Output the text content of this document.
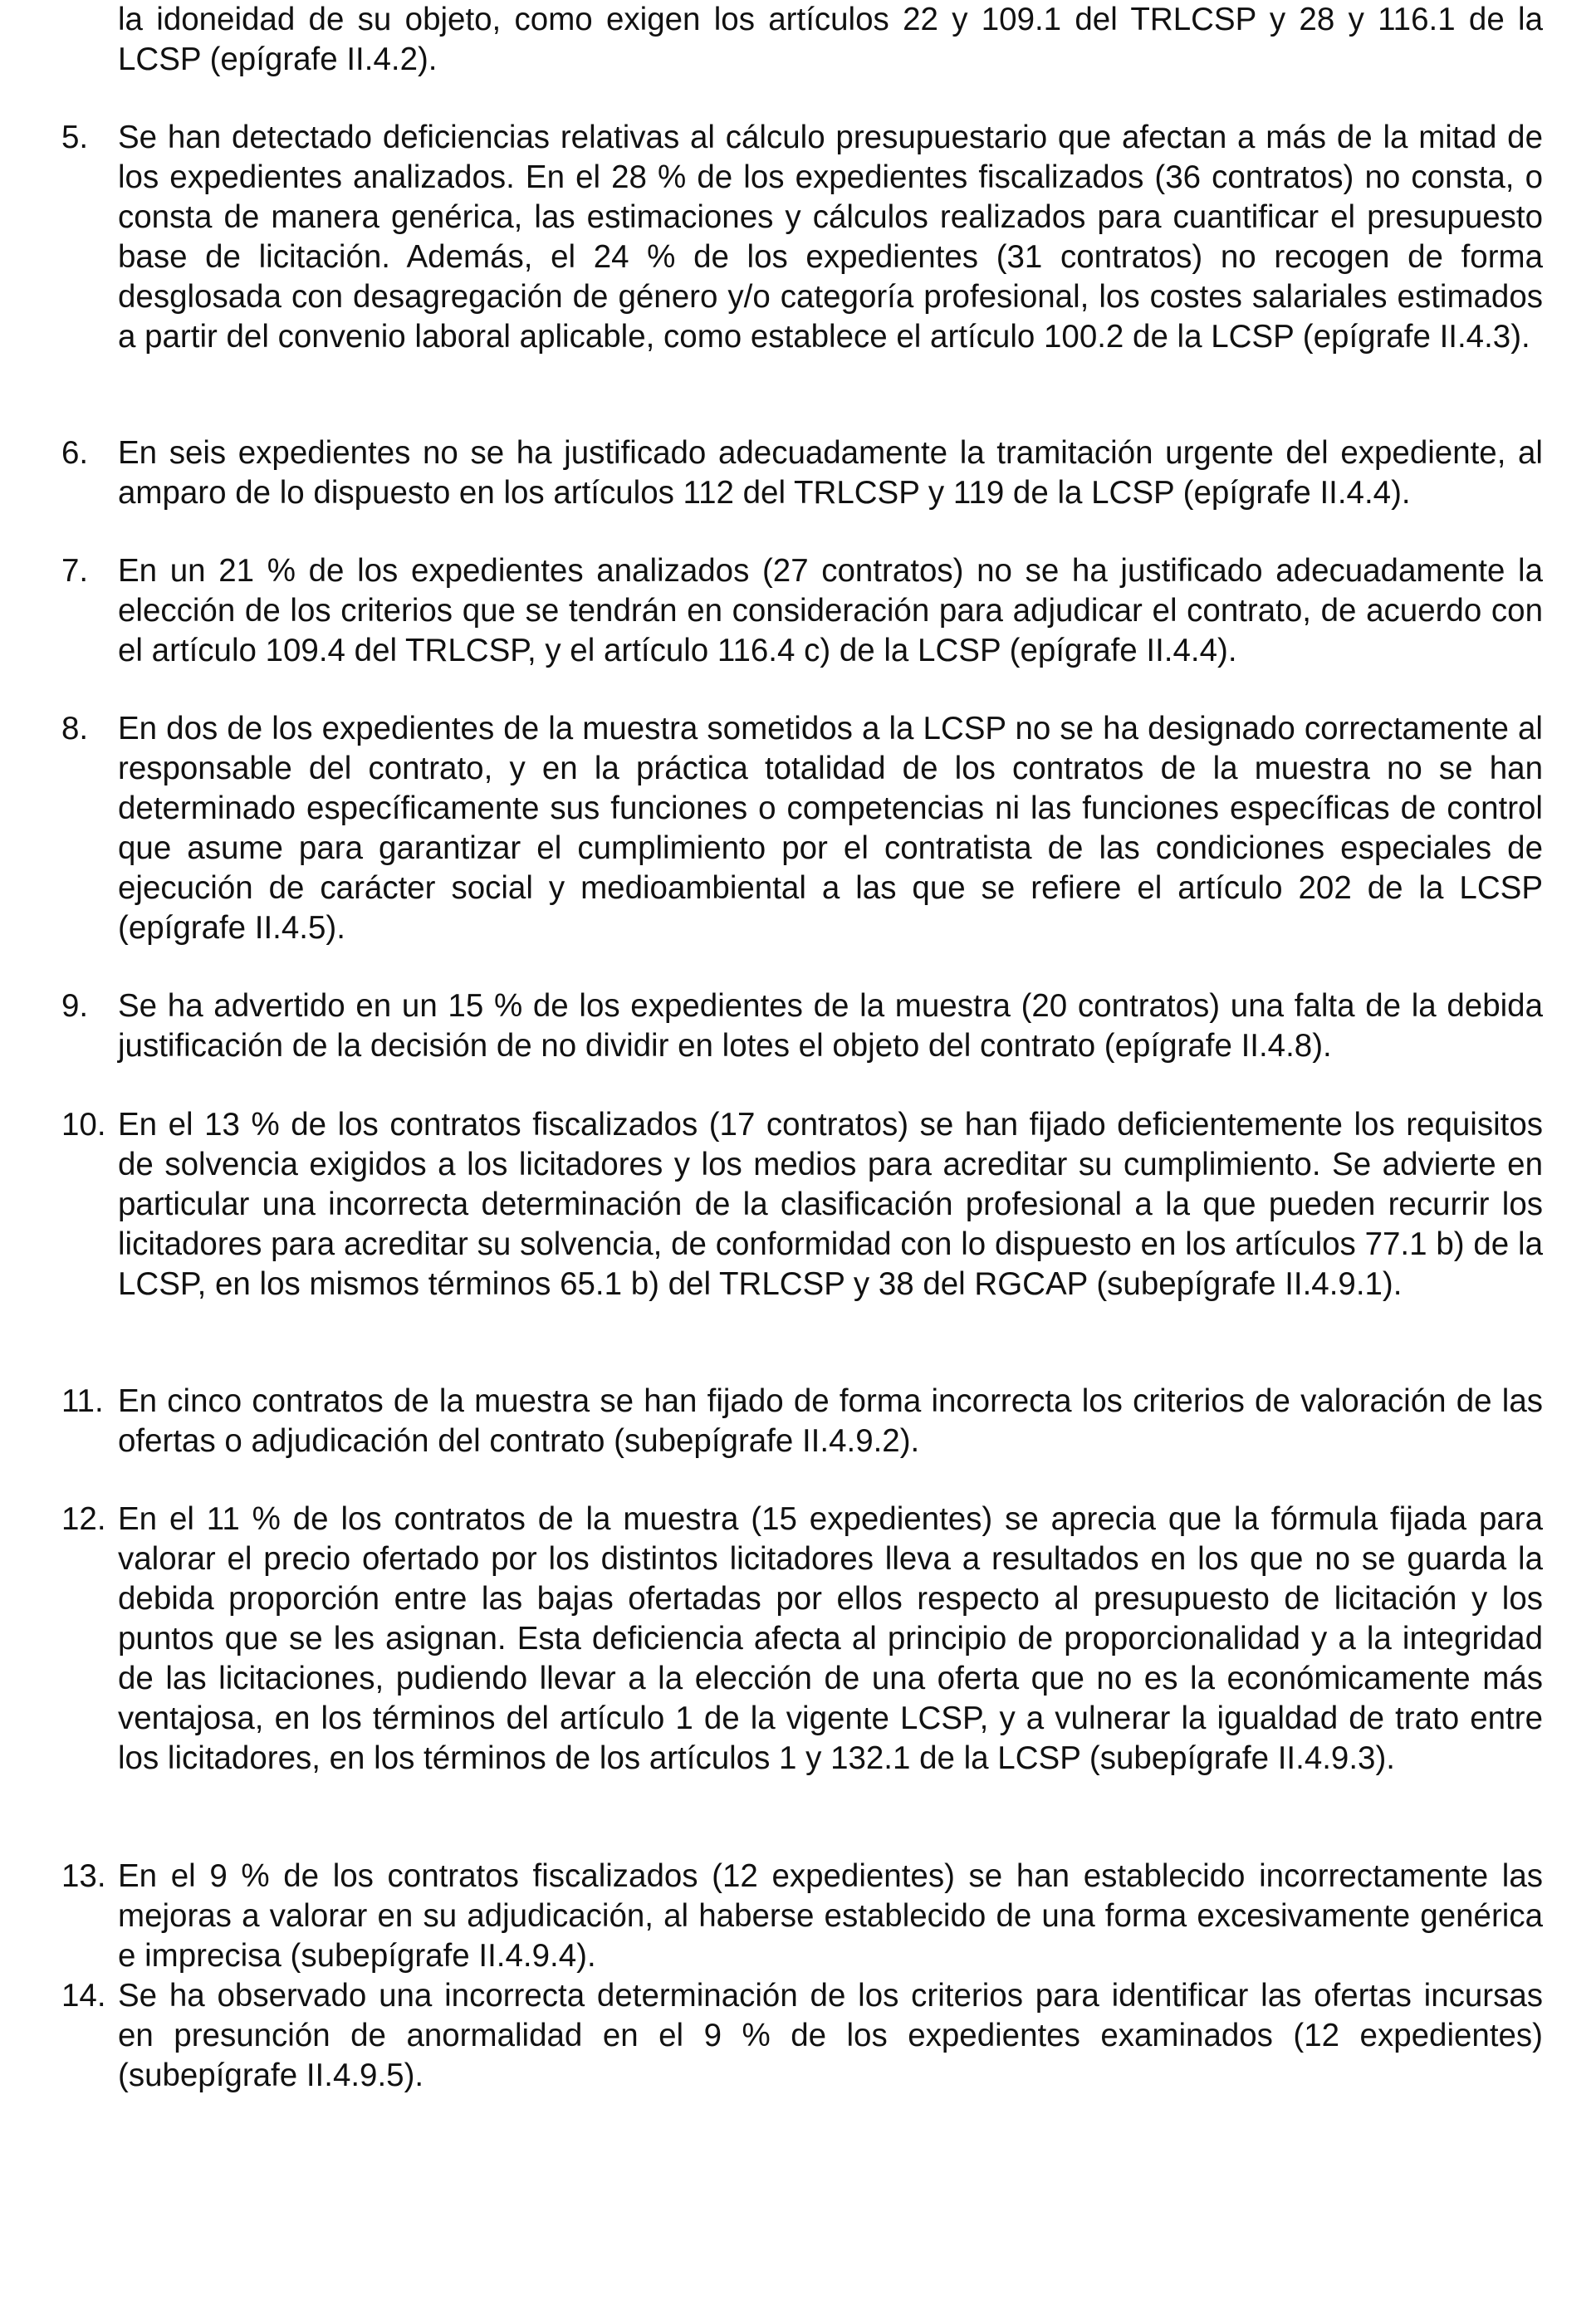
la idoneidad de su objeto, como exigen los artículos 22 y 109.1 del TRLCSP y 28 y 116.1 de la LCSP (epígrafe II.4.2).
5. Se han detectado deficiencias relativas al cálculo presupuestario que afectan a más de la mitad de los expedientes analizados. En el 28 % de los expedientes fiscalizados (36 contratos) no consta, o consta de manera genérica, las estimaciones y cálculos realizados para cuantificar el presupuesto base de licitación. Además, el 24 % de los expedientes (31 contratos) no recogen de forma desglosada con desagregación de género y/o categoría profesional, los costes salariales estimados a partir del convenio laboral aplicable, como establece el artículo 100.2 de la LCSP (epígrafe II.4.3).
6. En seis expedientes no se ha justificado adecuadamente la tramitación urgente del expediente, al amparo de lo dispuesto en los artículos 112 del TRLCSP y 119 de la LCSP (epígrafe II.4.4).
7. En un 21 % de los expedientes analizados (27 contratos) no se ha justificado adecuadamente la elección de los criterios que se tendrán en consideración para adjudicar el contrato, de acuerdo con el artículo 109.4 del TRLCSP, y el artículo 116.4 c) de la LCSP (epígrafe II.4.4).
8. En dos de los expedientes de la muestra sometidos a la LCSP no se ha designado correctamente al responsable del contrato, y en la práctica totalidad de los contratos de la muestra no se han determinado específicamente sus funciones o competencias ni las funciones específicas de control que asume para garantizar el cumplimiento por el contratista de las condiciones especiales de ejecución de carácter social y medioambiental a las que se refiere el artículo 202 de la LCSP (epígrafe II.4.5).
9. Se ha advertido en un 15 % de los expedientes de la muestra (20 contratos) una falta de la debida justificación de la decisión de no dividir en lotes el objeto del contrato (epígrafe II.4.8).
10. En el 13 % de los contratos fiscalizados (17 contratos) se han fijado deficientemente los requisitos de solvencia exigidos a los licitadores y los medios para acreditar su cumplimiento. Se advierte en particular una incorrecta determinación de la clasificación profesional a la que pueden recurrir los licitadores para acreditar su solvencia, de conformidad con lo dispuesto en los artículos 77.1 b) de la LCSP, en los mismos términos 65.1 b) del TRLCSP y 38 del RGCAP (subepígrafe II.4.9.1).
11. En cinco contratos de la muestra se han fijado de forma incorrecta los criterios de valoración de las ofertas o adjudicación del contrato (subepígrafe II.4.9.2).
12. En el 11 % de los contratos de la muestra (15 expedientes) se aprecia que la fórmula fijada para valorar el precio ofertado por los distintos licitadores lleva a resultados en los que no se guarda la debida proporción entre las bajas ofertadas por ellos respecto al presupuesto de licitación y los puntos que se les asignan. Esta deficiencia afecta al principio de proporcionalidad y a la integridad de las licitaciones, pudiendo llevar a la elección de una oferta que no es la económicamente más ventajosa, en los términos del artículo 1 de la vigente LCSP, y a vulnerar la igualdad de trato entre los licitadores, en los términos de los artículos 1 y 132.1 de la LCSP (subepígrafe II.4.9.3).
13. En el 9 % de los contratos fiscalizados (12 expedientes) se han establecido incorrectamente las mejoras a valorar en su adjudicación, al haberse establecido de una forma excesivamente genérica e imprecisa (subepígrafe II.4.9.4).
14. Se ha observado una incorrecta determinación de los criterios para identificar las ofertas incursas en presunción de anormalidad en el 9 % de los expedientes examinados (12 expedientes) (subepígrafe II.4.9.5).
